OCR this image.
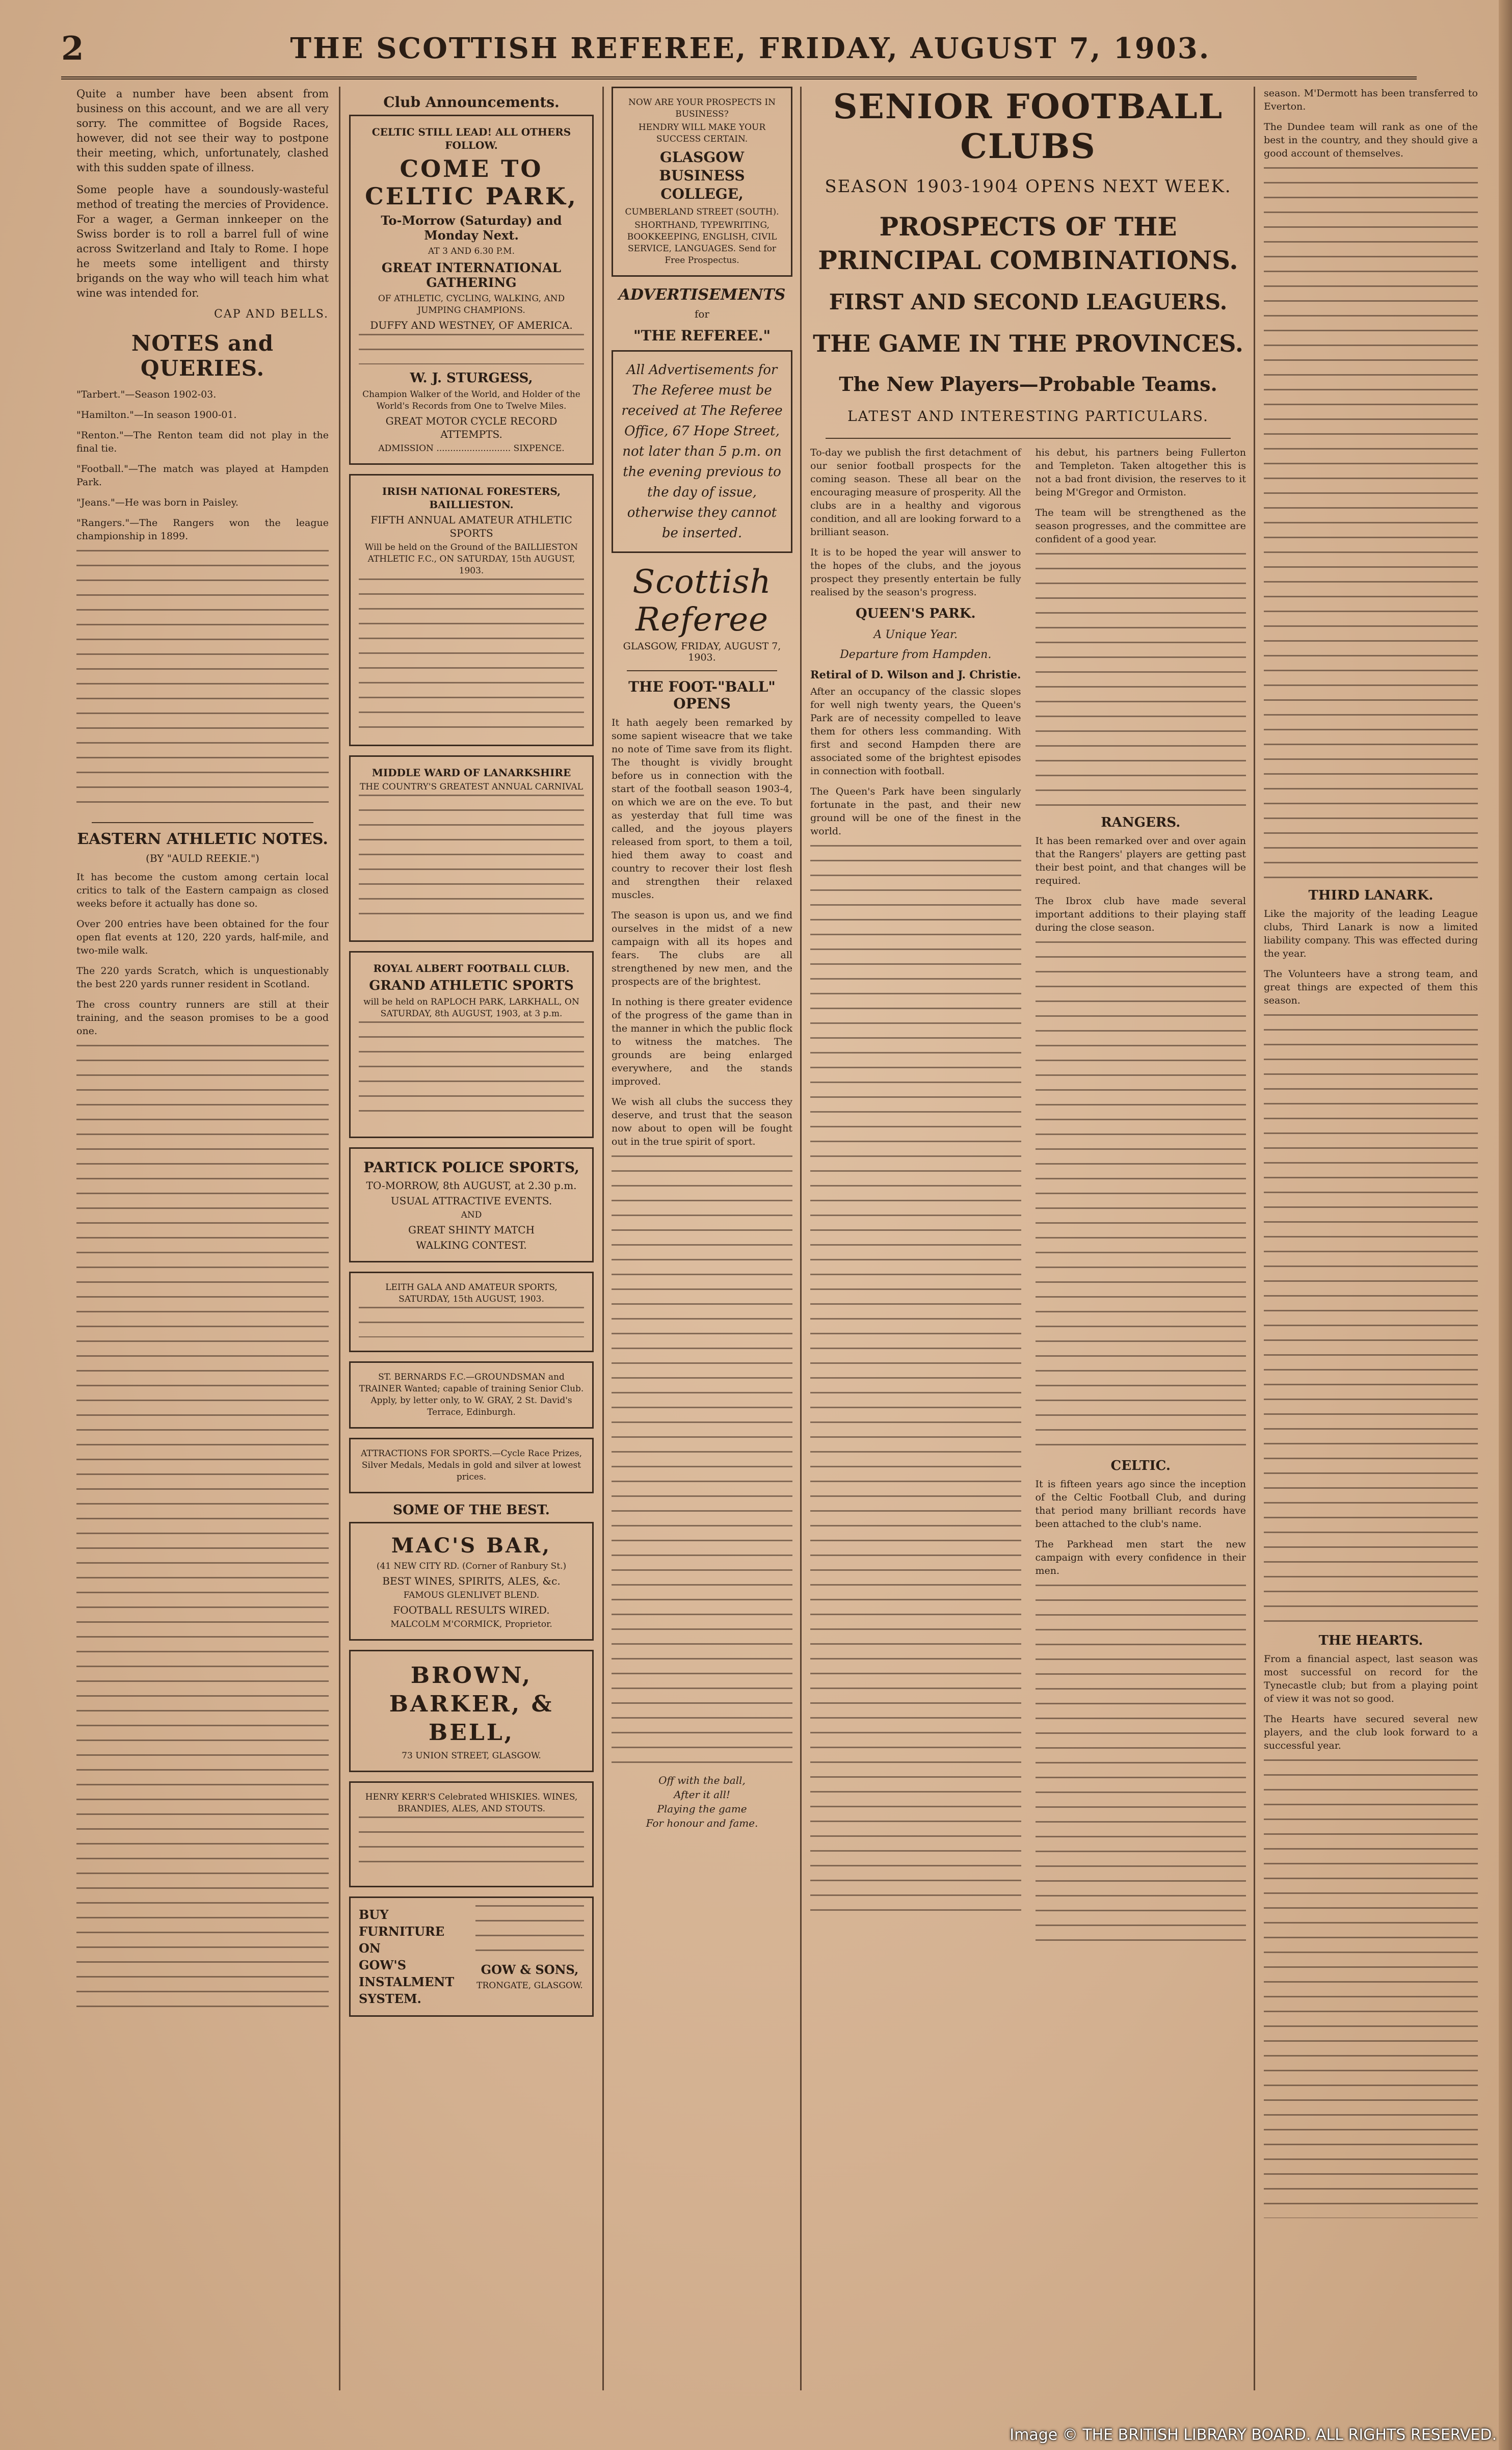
2	THE SCOTTISH REFEREE, FRIDAY, AUGUST 7, 1903.

Quite a number have been absent from business on this account, and we are all very sorry. The committee of Bogside Races, however, did not see their way to postpone their meeting, which, unfortunately, clashed with this sudden spate of illness.

Some people have a soundously-wasteful method of treating the mercies of Providence. For a wager, a German innkeeper on the Swiss border is to roll a barrel full of wine across Switzerland and Italy to Rome. I hope he meets some intelligent and thirsty brigands on the way who will teach him what wine was intended for.

CAP AND BELLS.
NOTES and QUERIES.

"Tarbert."—Season 1902-03.

"Hamilton."—In season 1900-01.

"Renton."—The Renton team did not play in the final tie.

"Football."—The match was played at Hampden Park.

"Jeans."—He was born in Paisley.

"Rangers."—The Rangers won the league championship in 1899.

EASTERN ATHLETIC NOTES.
(BY "AULD REEKIE.")

It has become the custom among certain local critics to talk of the Eastern campaign as closed weeks before it actually has done so.

Over 200 entries have been obtained for the four open flat events at 120, 220 yards, half-mile, and two-mile walk.

The 220 yards Scratch, which is unquestionably the best 220 yards runner resident in Scotland.

The cross country runners are still at their training, and the season promises to be a good one.

Club Announcements.
CELTIC STILL LEAD! ALL OTHERS FOLLOW.
COME TO CELTIC PARK,
To-Morrow (Saturday) and Monday Next.
AT 3 AND 6.30 P.M.
GREAT INTERNATIONAL GATHERING
OF ATHLETIC, CYCLING, WALKING, AND JUMPING CHAMPIONS.
DUFFY AND WESTNEY, OF AMERICA.
W. J. STURGESS,
Champion Walker of the World, and Holder of the World's Records from One to Twelve Miles.
GREAT MOTOR CYCLE RECORD ATTEMPTS.
ADMISSION ........................... SIXPENCE.
IRISH NATIONAL FORESTERS, BAILLIESTON.
FIFTH ANNUAL AMATEUR ATHLETIC SPORTS
Will be held on the Ground of the BAILLIESTON ATHLETIC F.C., ON SATURDAY, 15th AUGUST, 1903.
MIDDLE WARD OF LANARKSHIRE
THE COUNTRY'S GREATEST ANNUAL CARNIVAL
ROYAL ALBERT FOOTBALL CLUB.
GRAND ATHLETIC SPORTS
will be held on RAPLOCH PARK, LARKHALL, ON SATURDAY, 8th AUGUST, 1903, at 3 p.m.
PARTICK POLICE SPORTS,
TO-MORROW, 8th AUGUST, at 2.30 p.m.
USUAL ATTRACTIVE EVENTS.
AND
GREAT SHINTY MATCH
WALKING CONTEST.
LEITH GALA AND AMATEUR SPORTS, SATURDAY, 15th AUGUST, 1903.
ST. BERNARDS F.C.—GROUNDSMAN and TRAINER Wanted; capable of training Senior Club. Apply, by letter only, to W. GRAY, 2 St. David's Terrace, Edinburgh.
ATTRACTIONS FOR SPORTS.—Cycle Race Prizes, Silver Medals, Medals in gold and silver at lowest prices.
SOME OF THE BEST.
MAC'S BAR,
(41 NEW CITY RD. (Corner of Ranbury St.)
BEST WINES, SPIRITS, ALES, &c.
FAMOUS GLENLIVET BLEND.
FOOTBALL RESULTS WIRED.
MALCOLM M'CORMICK, Proprietor.
BROWN, BARKER, & BELL,
73 UNION STREET, GLASGOW.
HENRY KERR'S Celebrated WHISKIES. WINES, BRANDIES, ALES, AND STOUTS.
BUY
FURNITURE
ON
GOW'S
INSTALMENT
SYSTEM.
GOW & SONS,
TRONGATE, GLASGOW.
NOW ARE YOUR PROSPECTS IN BUSINESS?
HENDRY WILL MAKE YOUR SUCCESS CERTAIN.
GLASGOW BUSINESS COLLEGE,
CUMBERLAND STREET (SOUTH).
SHORTHAND, TYPEWRITING, BOOKKEEPING, ENGLISH, CIVIL SERVICE, LANGUAGES. Send for Free Prospectus.
ADVERTISEMENTS
for
"THE REFEREE."

All Advertisements for The Referee must be received at The Referee Office, 67 Hope Street, not later than 5 p.m. on the evening previous to the day of issue, otherwise they cannot be inserted.

Scottish Referee
GLASGOW, FRIDAY, AUGUST 7, 1903.
THE FOOT-"BALL" OPENS

It hath aegely been remarked by some sapient wiseacre that we take no note of Time save from its flight. The thought is vividly brought before us in connection with the start of the football season 1903-4, on which we are on the eve. To but as yesterday that full time was called, and the joyous players released from sport, to them a toil, hied them away to coast and country to recover their lost flesh and strengthen their relaxed muscles.

The season is upon us, and we find ourselves in the midst of a new campaign with all its hopes and fears. The clubs are all strengthened by new men, and the prospects are of the brightest.

In nothing is there greater evidence of the progress of the game than in the manner in which the public flock to witness the matches. The grounds are being enlarged everywhere, and the stands improved.

We wish all clubs the success they deserve, and trust that the season now about to open will be fought out in the true spirit of sport.

Off with the ball,
After it all!
Playing the game
For honour and fame.
SENIOR FOOTBALL CLUBS
SEASON 1903-1904 OPENS NEXT WEEK.
PROSPECTS OF THE PRINCIPAL COMBINATIONS.
FIRST AND SECOND LEAGUERS.
THE GAME IN THE PROVINCES.
The New Players—Probable Teams.
LATEST AND INTERESTING PARTICULARS.

To-day we publish the first detachment of our senior football prospects for the coming season. These all bear on the encouraging measure of prosperity. All the clubs are in a healthy and vigorous condition, and all are looking forward to a brilliant season.

It is to be hoped the year will answer to the hopes of the clubs, and the joyous prospect they presently entertain be fully realised by the season's progress.

QUEEN'S PARK.
A Unique Year.
Departure from Hampden.
Retiral of D. Wilson and J. Christie.

After an occupancy of the classic slopes for well nigh twenty years, the Queen's Park are of necessity compelled to leave them for others less commanding. With first and second Hampden there are associated some of the brightest episodes in connection with football.

The Queen's Park have been singularly fortunate in the past, and their new ground will be one of the finest in the world.

his debut, his partners being Fullerton and Templeton. Taken altogether this is not a bad front division, the reserves to it being M'Gregor and Ormiston.

The team will be strengthened as the season progresses, and the committee are confident of a good year.

RANGERS.

It has been remarked over and over again that the Rangers' players are getting past their best point, and that changes will be required.

The Ibrox club have made several important additions to their playing staff during the close season.

CELTIC.

It is fifteen years ago since the inception of the Celtic Football Club, and during that period many brilliant records have been attached to the club's name.

The Parkhead men start the new campaign with every confidence in their men.

season. M'Dermott has been transferred to Everton.

The Dundee team will rank as one of the best in the country, and they should give a good account of themselves.

THIRD LANARK.

Like the majority of the leading League clubs, Third Lanark is now a limited liability company. This was effected during the year.

The Volunteers have a strong team, and great things are expected of them this season.

THE HEARTS.

From a financial aspect, last season was most successful on record for the Tynecastle club; but from a playing point of view it was not so good.

The Hearts have secured several new players, and the club look forward to a successful year.

Image © THE BRITISH LIBRARY BOARD. ALL RIGHTS RESERVED.
